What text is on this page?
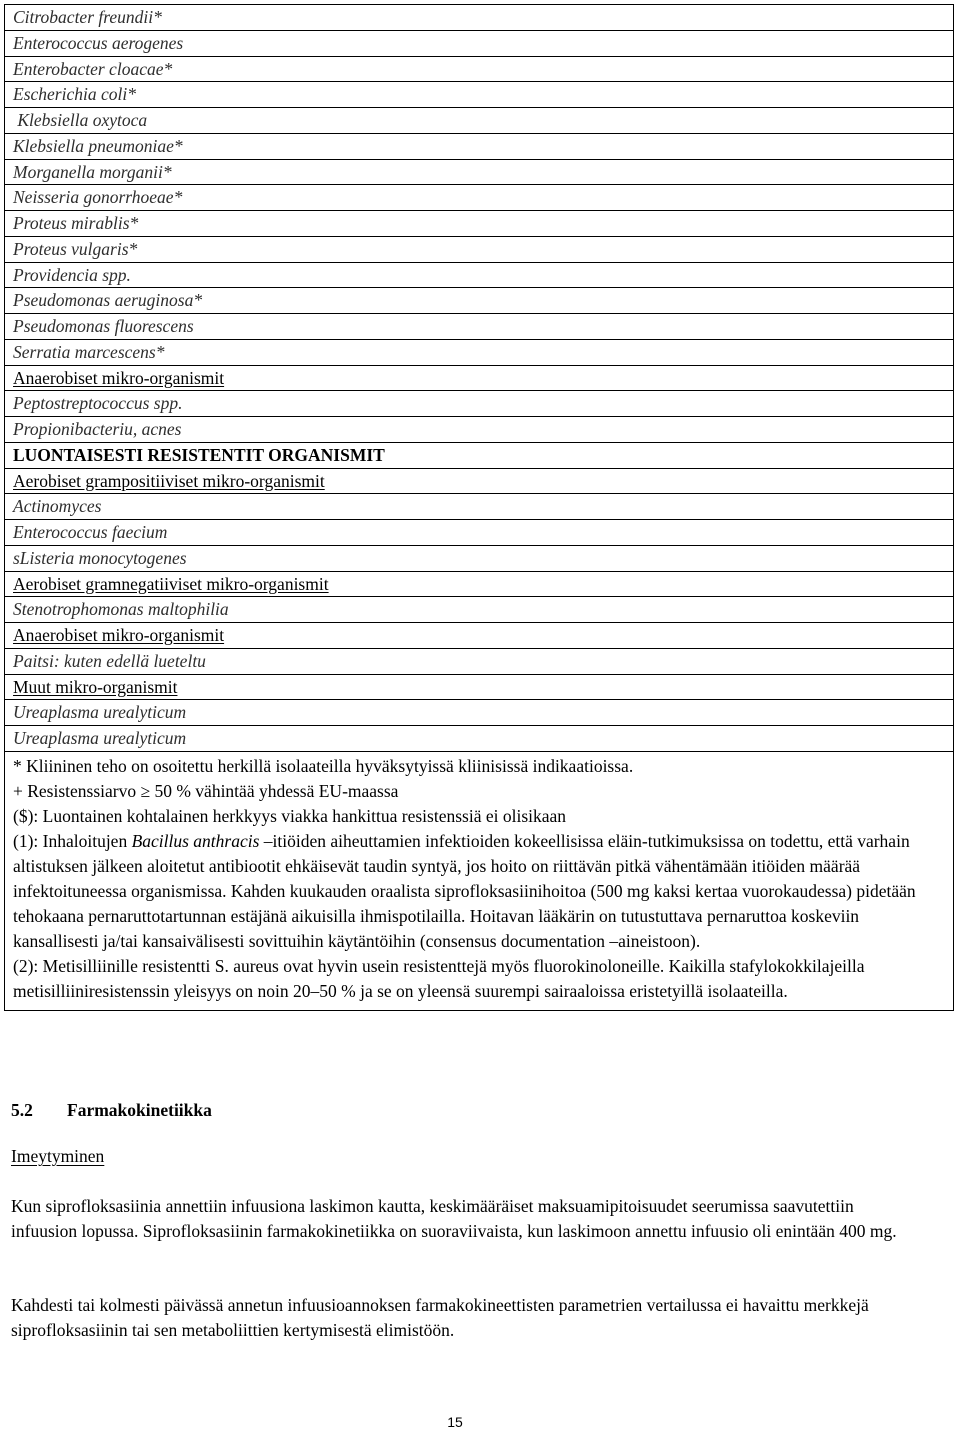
Citrobacter freundii*
Enterococcus aerogenes
Enterobacter cloacae*
Escherichia coli*
Klebsiella oxytoca
Klebsiella pneumoniae*
Morganella morganii*
Neisseria gonorrhoeae*
Proteus mirablis*
Proteus vulgaris*
Providencia spp.
Pseudomonas aeruginosa*
Pseudomonas fluorescens
Serratia marcescens*
Anaerobiset mikro-organismit
Peptostreptococcus spp.
Propionibacteriu, acnes
LUONTAISESTI RESISTENTIT ORGANISMIT
Aerobiset grampositiiviset mikro-organismit
Actinomyces
Enterococcus faecium
sListeria monocytogenes
Aerobiset gramnegatiiviset mikro-organismit
Stenotrophomonas maltophilia
Anaerobiset mikro-organismit
Paitsi: kuten edellä lueteltu
Muut mikro-organismit
Ureaplasma urealyticum
Ureaplasma urealyticum

* Kliininen teho on osoitettu herkillä isolaateilla hyväksytyissä kliinisissä indikaatioissa.

+ Resistenssiarvo ≥ 50 % vähintää yhdessä EU-maassa

($): Luontainen kohtalainen herkkyys viakka hankittua resistenssiä ei olisikaan

(1): Inhaloitujen Bacillus anthracis –itiöiden aiheuttamien infektioiden kokeellisissa eläin-tutkimuksissa on todettu, että varhain altistuksen jälkeen aloitetut antibiootit ehkäisevät taudin syntyä, jos hoito on riittävän pitkä vähentämään itiöiden määrää infektoituneessa organismissa. Kahden kuukauden oraalista siprofloksasiinihoitoa (500 mg kaksi kertaa vuorokaudessa) pidetään tehokaana pernaruttotartunnan estäjänä aikuisilla ihmispotilailla. Hoitavan lääkärin on tutustuttava pernaruttoa koskeviin kansallisesti ja/tai kansaivälisesti sovittuihin käytäntöihin (consensus documentation –aineistoon).

(2): Metisilliinille resistentti S. aureus ovat hyvin usein resistenttejä myös fluorokinoloneille. Kaikilla stafylokokkilajeilla metisilliiniresistenssin yleisyys on noin 20–50 % ja se on yleensä suurempi sairaaloissa eristetyillä isolaateilla.

5.2 Farmakokinetiikka
Imeytyminen

Kun siprofloksasiinia annettiin infuusiona laskimon kautta, keskimääräiset maksuamipitoisuudet seerumissa saavutettiin infuusion lopussa. Siprofloksasiinin farmakokinetiikka on suoraviivaista, kun laskimoon annettu infuusio oli enintään 400 mg.

Kahdesti tai kolmesti päivässä annetun infuusioannoksen farmakokineettisten parametrien vertailussa ei havaittu merkkejä siprofloksasiinin tai sen metaboliittien kertymisestä elimistöön.

15
